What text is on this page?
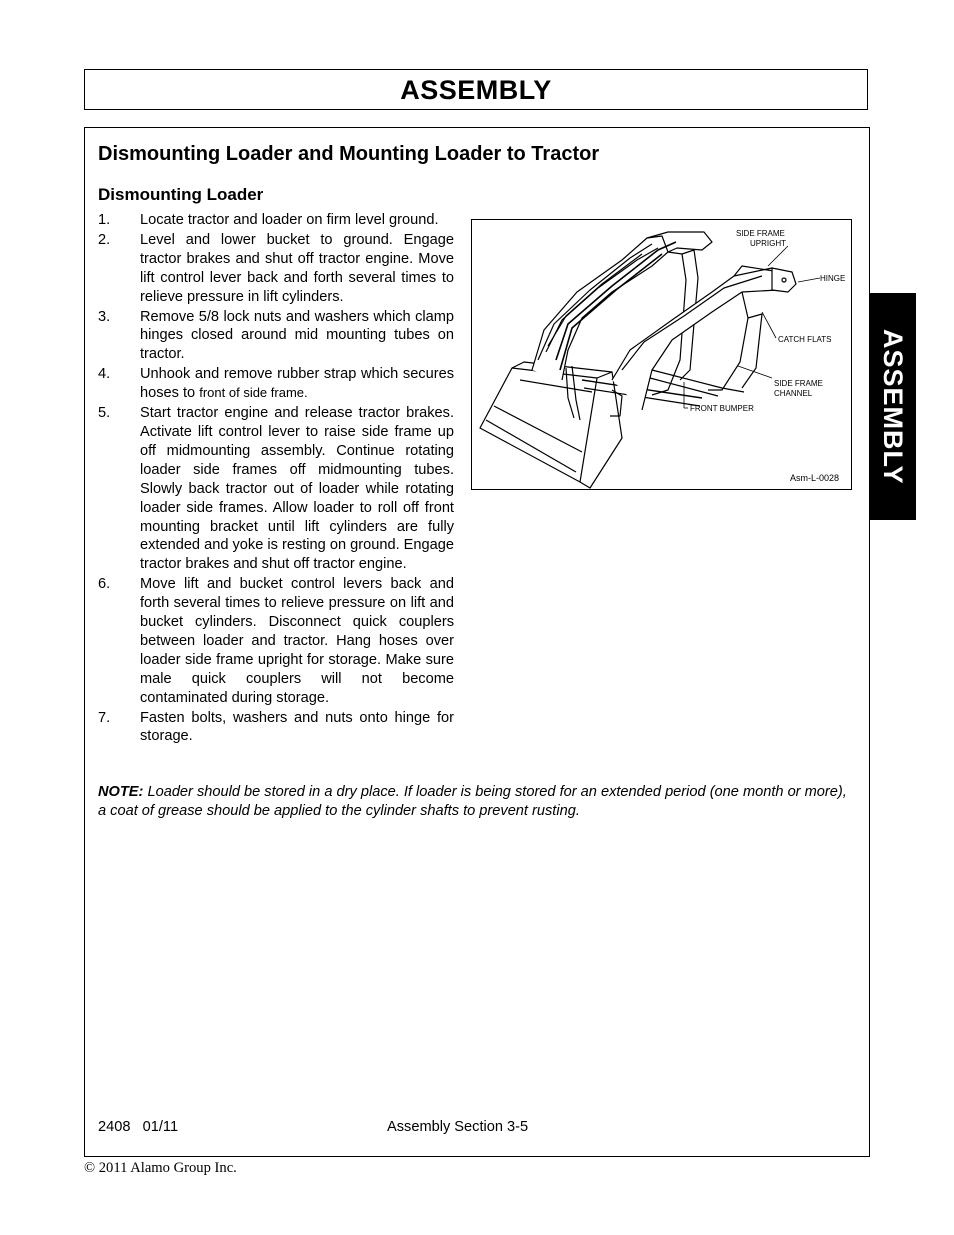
ASSEMBLY
Dismounting Loader and Mounting Loader to Tractor
Dismounting Loader
1.	Locate tractor and loader on firm level ground.
2.	Level and lower bucket to ground. Engage tractor brakes and shut off tractor engine. Move lift control lever back and forth several times to relieve pressure in lift cylinders.
3.	Remove 5/8 lock nuts and washers which clamp hinges closed around mid mounting tubes on tractor.
4.	Unhook and remove rubber strap which secures hoses to front of side frame.
5.	Start tractor engine and release tractor brakes. Activate lift control lever to raise side frame up off midmounting assembly. Continue rotating loader side frames off midmounting tubes. Slowly back tractor out of loader while rotating loader side frames. Allow loader to roll off front mounting bracket until lift cylinders are fully extended and yoke is resting on ground. Engage tractor brakes and shut off tractor engine.
6.	Move lift and bucket control levers back and forth several times to relieve pressure on lift and bucket cylinders. Disconnect quick couplers between loader and tractor. Hang hoses over loader side frame upright for storage. Make sure male quick couplers will not become contaminated during storage.
7.	Fasten bolts, washers and nuts onto hinge for storage.
SIDE FRAME
UPRIGHT
HINGE
CATCH FLATS
SIDE FRAME
CHANNEL
FRONT BUMPER
Asm-L-0028
NOTE: Loader should be stored in a dry place. If loader is being stored for an extended period (one month or more), a coat of grease should be applied to the cylinder shafts to prevent rusting.
ASSEMBLY
2408   01/11	Assembly Section 3-5
© 2011 Alamo Group Inc.
